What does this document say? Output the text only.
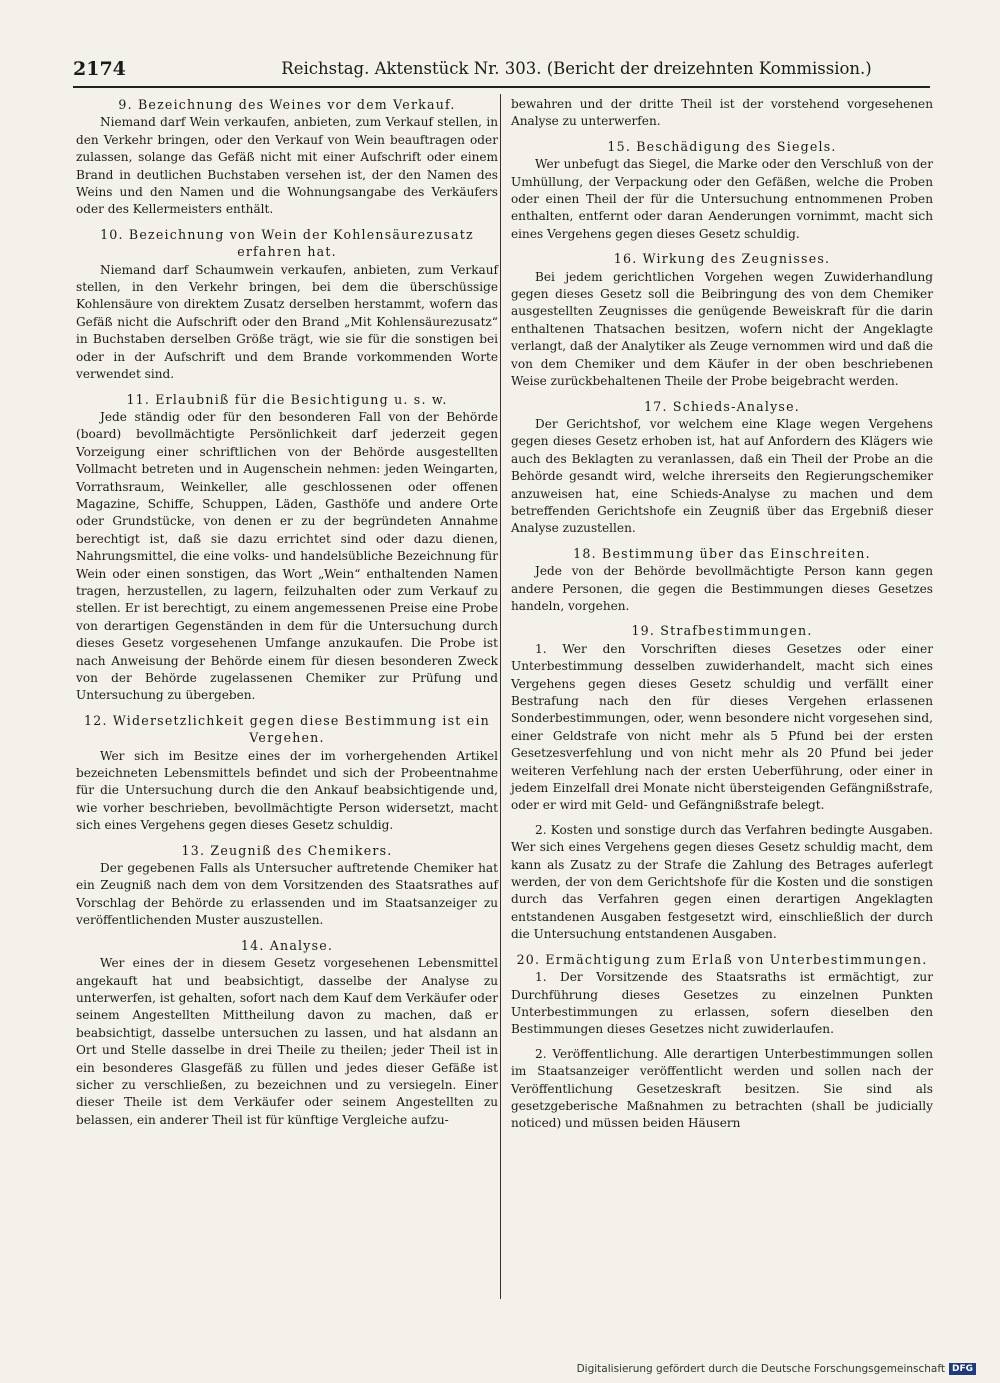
2174	Reichstag. Aktenstück Nr. 303. (Bericht der dreizehnten Kommission.)
9. Bezeichnung des Weines vor dem Verkauf.

Niemand darf Wein verkaufen, anbieten, zum Verkauf stellen, in den Verkehr bringen, oder den Verkauf von Wein beauftragen oder zulassen, solange das Gefäß nicht mit einer Aufschrift oder einem Brand in deutlichen Buchstaben versehen ist, der den Namen des Weins und den Namen und die Wohnungsangabe des Verkäufers oder des Kellermeisters enthält.

10. Bezeichnung von Wein der Kohlensäurezusatz erfahren hat.

Niemand darf Schaumwein verkaufen, anbieten, zum Verkauf stellen, in den Verkehr bringen, bei dem die überschüssige Kohlensäure von direktem Zusatz derselben herstammt, wofern das Gefäß nicht die Aufschrift oder den Brand „Mit Kohlensäurezusatz“ in Buchstaben derselben Größe trägt, wie sie für die sonstigen bei oder in der Aufschrift und dem Brande vorkommenden Worte verwendet sind.

11. Erlaubniß für die Besichtigung u. s. w.

Jede ständig oder für den besonderen Fall von der Behörde (board) bevollmächtigte Persönlichkeit darf jederzeit gegen Vorzeigung einer schriftlichen von der Behörde ausgestellten Vollmacht betreten und in Augenschein nehmen: jeden Weingarten, Vorrathsraum, Weinkeller, alle geschlossenen oder offenen Magazine, Schiffe, Schuppen, Läden, Gasthöfe und andere Orte oder Grundstücke, von denen er zu der begründeten Annahme berechtigt ist, daß sie dazu errichtet sind oder dazu dienen, Nahrungsmittel, die eine volks- und handelsübliche Bezeichnung für Wein oder einen sonstigen, das Wort „Wein“ enthaltenden Namen tragen, herzustellen, zu lagern, feilzuhalten oder zum Verkauf zu stellen. Er ist berechtigt, zu einem angemessenen Preise eine Probe von derartigen Gegenständen in dem für die Untersuchung durch dieses Gesetz vorgesehenen Umfange anzukaufen. Die Probe ist nach Anweisung der Behörde einem für diesen besonderen Zweck von der Behörde zugelassenen Chemiker zur Prüfung und Untersuchung zu übergeben.

12. Widersetzlichkeit gegen diese Bestimmung ist ein Vergehen.

Wer sich im Besitze eines der im vorhergehenden Artikel bezeichneten Lebensmittels befindet und sich der Probeentnahme für die Untersuchung durch die den Ankauf beabsichtigende und, wie vorher beschrieben, bevollmächtigte Person widersetzt, macht sich eines Vergehens gegen dieses Gesetz schuldig.

13. Zeugniß des Chemikers.

Der gegebenen Falls als Untersucher auftretende Chemiker hat ein Zeugniß nach dem von dem Vorsitzenden des Staatsrathes auf Vorschlag der Behörde zu erlassenden und im Staatsanzeiger zu veröffentlichenden Muster auszustellen.

14. Analyse.

Wer eines der in diesem Gesetz vorgesehenen Lebensmittel angekauft hat und beabsichtigt, dasselbe der Analyse zu unterwerfen, ist gehalten, sofort nach dem Kauf dem Verkäufer oder seinem Angestellten Mittheilung davon zu machen, daß er beabsichtigt, dasselbe untersuchen zu lassen, und hat alsdann an Ort und Stelle dasselbe in drei Theile zu theilen; jeder Theil ist in ein besonderes Glasgefäß zu füllen und jedes dieser Gefäße ist sicher zu verschließen, zu bezeichnen und zu versiegeln. Einer dieser Theile ist dem Verkäufer oder seinem Angestellten zu belassen, ein anderer Theil ist für künftige Vergleiche aufzu-

bewahren und der dritte Theil ist der vorstehend vorgesehenen Analyse zu unterwerfen.

15. Beschädigung des Siegels.

Wer unbefugt das Siegel, die Marke oder den Verschluß von der Umhüllung, der Verpackung oder den Gefäßen, welche die Proben oder einen Theil der für die Untersuchung entnommenen Proben enthalten, entfernt oder daran Aenderungen vornimmt, macht sich eines Vergehens gegen dieses Gesetz schuldig.

16. Wirkung des Zeugnisses.

Bei jedem gerichtlichen Vorgehen wegen Zuwiderhandlung gegen dieses Gesetz soll die Beibringung des von dem Chemiker ausgestellten Zeugnisses die genügende Beweiskraft für die darin enthaltenen Thatsachen besitzen, wofern nicht der Angeklagte verlangt, daß der Analytiker als Zeuge vernommen wird und daß die von dem Chemiker und dem Käufer in der oben beschriebenen Weise zurückbehaltenen Theile der Probe beigebracht werden.

17. Schieds-Analyse.

Der Gerichtshof, vor welchem eine Klage wegen Vergehens gegen dieses Gesetz erhoben ist, hat auf Anfordern des Klägers wie auch des Beklagten zu veranlassen, daß ein Theil der Probe an die Behörde gesandt wird, welche ihrerseits den Regierungschemiker anzuweisen hat, eine Schieds-Analyse zu machen und dem betreffenden Gerichtshofe ein Zeugniß über das Ergebniß dieser Analyse zuzustellen.

18. Bestimmung über das Einschreiten.

Jede von der Behörde bevollmächtigte Person kann gegen andere Personen, die gegen die Bestimmungen dieses Gesetzes handeln, vorgehen.

19. Strafbestimmungen.

1. Wer den Vorschriften dieses Gesetzes oder einer Unterbestimmung desselben zuwiderhandelt, macht sich eines Vergehens gegen dieses Gesetz schuldig und verfällt einer Bestrafung nach den für dieses Vergehen erlassenen Sonderbestimmungen, oder, wenn besondere nicht vorgesehen sind, einer Geldstrafe von nicht mehr als 5 Pfund bei der ersten Gesetzesverfehlung und von nicht mehr als 20 Pfund bei jeder weiteren Verfehlung nach der ersten Ueberführung, oder einer in jedem Einzelfall drei Monate nicht übersteigenden Gefängnißstrafe, oder er wird mit Geld- und Gefängnißstrafe belegt.

2. Kosten und sonstige durch das Verfahren bedingte Ausgaben. Wer sich eines Vergehens gegen dieses Gesetz schuldig macht, dem kann als Zusatz zu der Strafe die Zahlung des Betrages auferlegt werden, der von dem Gerichtshofe für die Kosten und die sonstigen durch das Verfahren gegen einen derartigen Angeklagten entstandenen Ausgaben festgesetzt wird, einschließlich der durch die Untersuchung entstandenen Ausgaben.

20. Ermächtigung zum Erlaß von Unterbestimmungen.

1. Der Vorsitzende des Staatsraths ist ermächtigt, zur Durchführung dieses Gesetzes zu einzelnen Punkten Unterbestimmungen zu erlassen, sofern dieselben den Bestimmungen dieses Gesetzes nicht zuwiderlaufen.

2. Veröffentlichung. Alle derartigen Unterbestimmungen sollen im Staatsanzeiger veröffentlicht werden und sollen nach der Veröffentlichung Gesetzeskraft besitzen. Sie sind als gesetzgeberische Maßnahmen zu betrachten (shall be judicially noticed) und müssen beiden Häusern

Digitalisierung gefördert durch die Deutsche Forschungsgemeinschaft DFG
